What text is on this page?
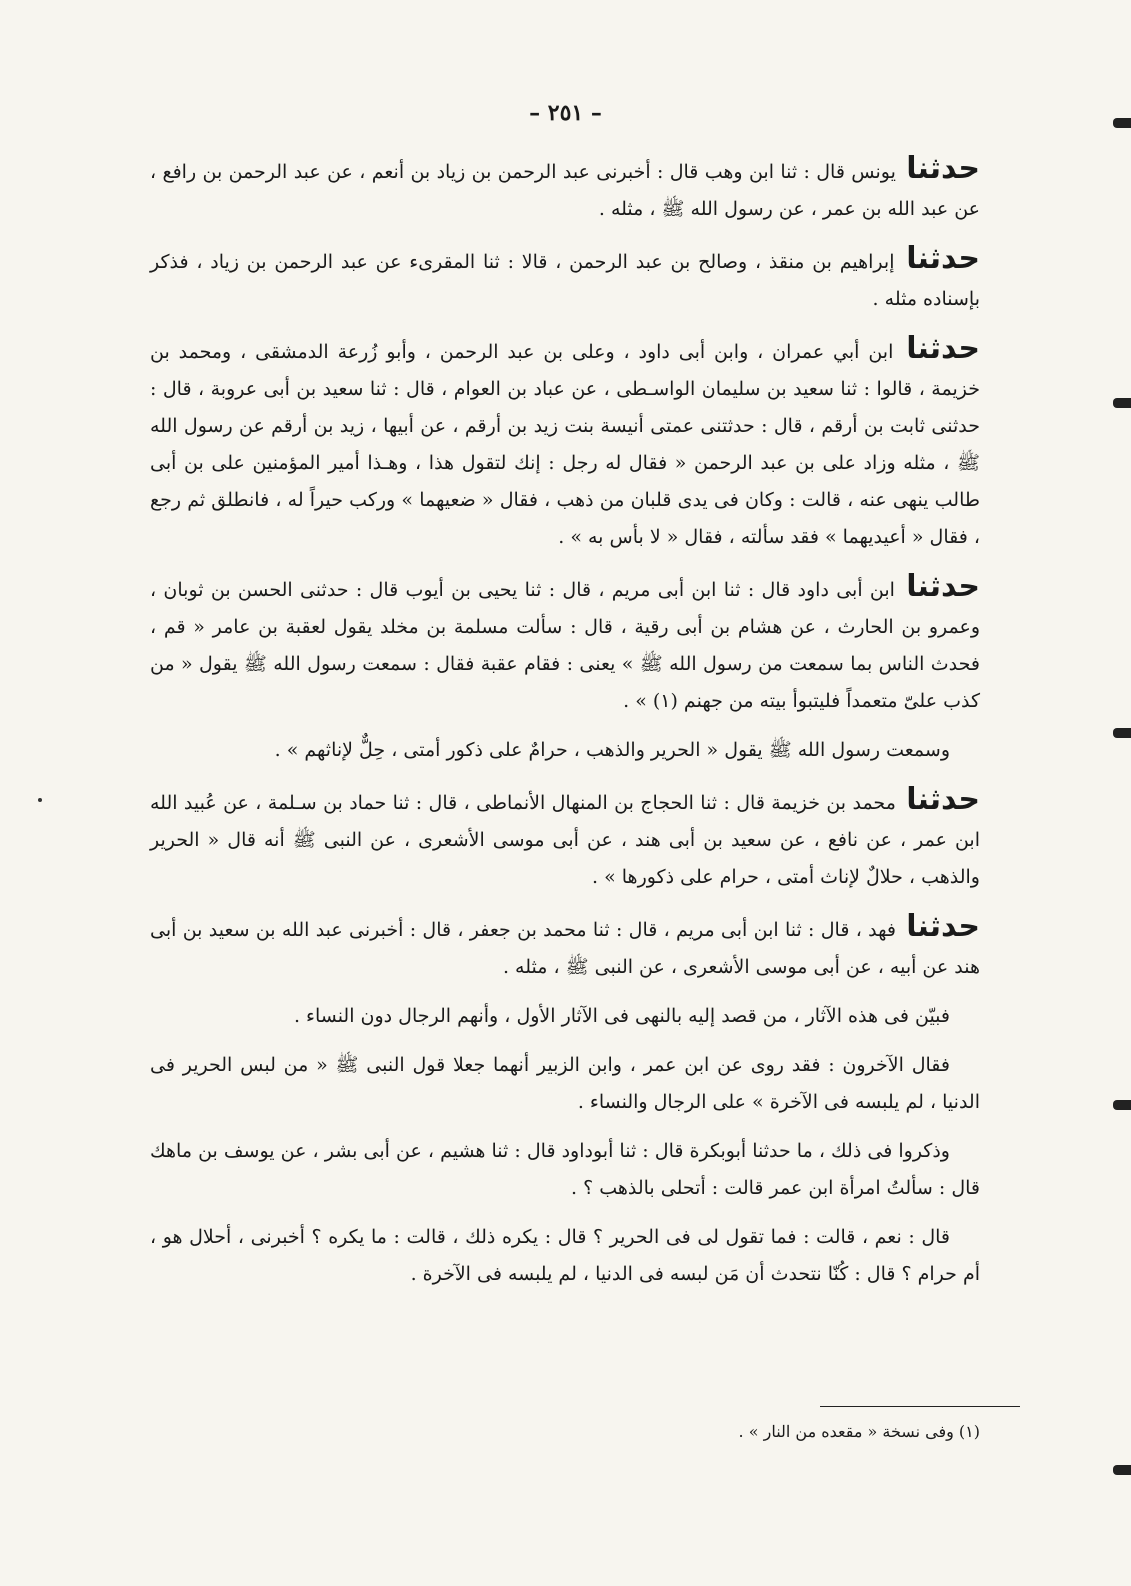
– ٢٥١ –

حدثنا يونس قال : ثنا ابن وهب قال : أخبرنى عبد الرحمن بن زياد بن أنعم ، عن عبد الرحمن بن رافع ، عن عبد الله بن عمر ، عن رسول الله ﷺ ، مثله .

حدثنا إبراهيم بن منقذ ، وصالح بن عبد الرحمن ، قالا : ثنا المقرىء عن عبد الرحمن بن زياد ، فذكر بإسناده مثله .

حدثنا ابن أبي عمران ، وابن أبى داود ، وعلى بن عبد الرحمن ، وأبو زُرعة الدمشقى ، ومحمد بن خزيمة ، قالوا : ثنا سعيد بن سليمان الواسـطى ، عن عباد بن العوام ، قال : ثنا سعيد بن أبى عروبة ، قال : حدثنى ثابت بن أرقم ، قال : حدثتنى عمتى أنيسة بنت زيد بن أرقم ، عن أبيها ، زيد بن أرقم عن رسول الله ﷺ ، مثله وزاد على بن عبد الرحمن « فقال له رجل : إنك لتقول هذا ، وهـذا أمير المؤمنين على بن أبى طالب ينهى عنه ، قالت : وكان فى يدى قلبان من ذهب ، فقال « ضعيهما » وركب حيراً له ، فانطلق ثم رجع ، فقال « أعيديهما » فقد سألته ، فقال « لا بأس به » .

حدثنا ابن أبى داود قال : ثنا ابن أبى مريم ، قال : ثنا يحيى بن أيوب قال : حدثنى الحسن بن ثوبان ، وعمرو بن الحارث ، عن هشام بن أبى رقية ، قال : سألت مسلمة بن مخلد يقول لعقبة بن عامر « قم ، فحدث الناس بما سمعت من رسول الله ﷺ » يعنى : فقام عقبة فقال : سمعت رسول الله ﷺ يقول « من كذب علىّ متعمداً فليتبوأ بيته من جهنم (١) » .

وسمعت رسول الله ﷺ يقول « الحرير والذهب ، حرامٌ على ذكور أمتى ، حِلٌّ لإناثهم » .

حدثنا محمد بن خزيمة قال : ثنا الحجاج بن المنهال الأنماطى ، قال : ثنا حماد بن سـلمة ، عن عُبيد الله ابن عمر ، عن نافع ، عن سعيد بن أبى هند ، عن أبى موسى الأشعرى ، عن النبى ﷺ أنه قال « الحرير والذهب ، حلالٌ لإناث أمتى ، حرام على ذكورها » .

حدثنا فهد ، قال : ثنا ابن أبى مريم ، قال : ثنا محمد بن جعفر ، قال : أخبرنى عبد الله بن سعيد بن أبى هند عن أبيه ، عن أبى موسى الأشعرى ، عن النبى ﷺ ، مثله .

فبيّن فى هذه الآثار ، من قصد إليه بالنهى فى الآثار الأول ، وأنهم الرجال دون النساء .

فقال الآخرون : فقد روى عن ابن عمر ، وابن الزبير أنهما جعلا قول النبى ﷺ « من لبس الحرير فى الدنيا ، لم يلبسه فى الآخرة » على الرجال والنساء .

وذكروا فى ذلك ، ما حدثنا أبوبكرة قال : ثنا أبوداود قال : ثنا هشيم ، عن أبى بشر ، عن يوسف بن ماهك قال : سألتُ امرأة ابن عمر قالت : أتحلى بالذهب ؟ .

قال : نعم ، قالت : فما تقول لى فى الحرير ؟ قال : يكره ذلك ، قالت : ما يكره ؟ أخبرنى ، أحلال هو ، أم حرام ؟ قال : كُنّا نتحدث أن مَن لبسه فى الدنيا ، لم يلبسه فى الآخرة .

(١) وفى نسخة « مقعده من النار » .
